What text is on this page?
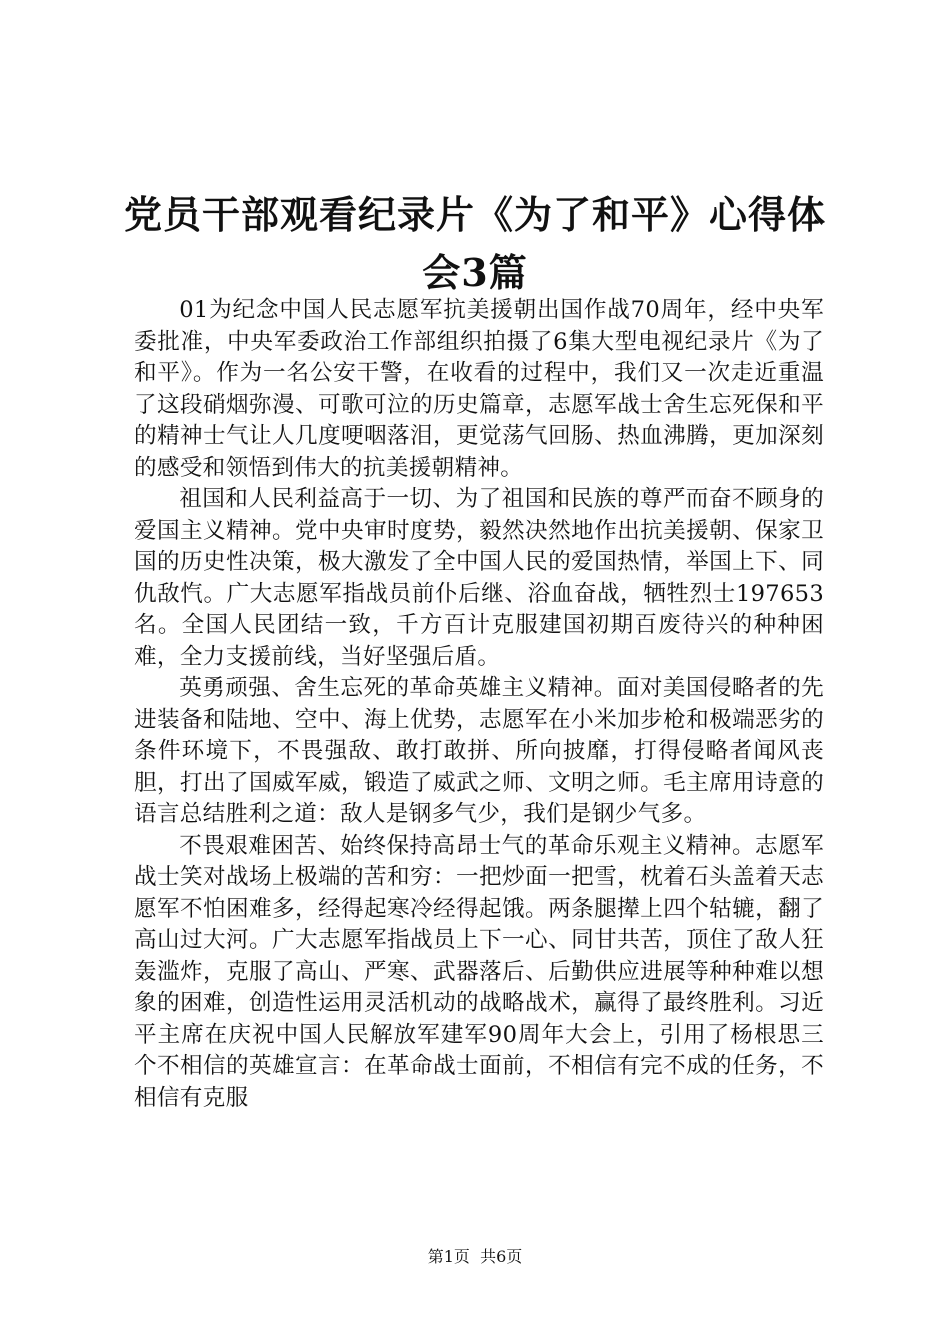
党员干部观看纪录片《为了和平》心得体会3篇

01为纪念中国人民志愿军抗美援朝出国作战70周年，经中央军委批准，中央军委政治工作部组织拍摄了6集大型电视纪录片《为了和平》。作为一名公安干警，在收看的过程中，我们又一次走近重温了这段硝烟弥漫、可歌可泣的历史篇章，志愿军战士舍生忘死保和平的精神士气让人几度哽咽落泪，更觉荡气回肠、热血沸腾，更加深刻的感受和领悟到伟大的抗美援朝精神。

祖国和人民利益高于一切、为了祖国和民族的尊严而奋不顾身的爱国主义精神。党中央审时度势，毅然决然地作出抗美援朝、保家卫国的历史性决策，极大激发了全中国人民的爱国热情，举国上下、同仇敌忾。广大志愿军指战员前仆后继、浴血奋战，牺牲烈士197653名。全国人民团结一致，千方百计克服建国初期百废待兴的种种困难，全力支援前线，当好坚强后盾。

英勇顽强、舍生忘死的革命英雄主义精神。面对美国侵略者的先进装备和陆地、空中、海上优势，志愿军在小米加步枪和极端恶劣的条件环境下，不畏强敌、敢打敢拼、所向披靡，打得侵略者闻风丧胆，打出了国威军威，锻造了威武之师、文明之师。毛主席用诗意的语言总结胜利之道：敌人是钢多气少，我们是钢少气多。

不畏艰难困苦、始终保持高昂士气的革命乐观主义精神。志愿军战士笑对战场上极端的苦和穷：一把炒面一把雪，枕着石头盖着天志愿军不怕困难多，经得起寒冷经得起饿。两条腿撵上四个轱辘，翻了高山过大河。广大志愿军指战员上下一心、同甘共苦，顶住了敌人狂轰滥炸，克服了高山、严寒、武器落后、后勤供应进展等种种难以想象的困难，创造性运用灵活机动的战略战术，赢得了最终胜利。习近平主席在庆祝中国人民解放军建军90周年大会上，引用了杨根思三个不相信的英雄宣言：在革命战士面前，不相信有完不成的任务，不相信有克服

第1页 共6页
